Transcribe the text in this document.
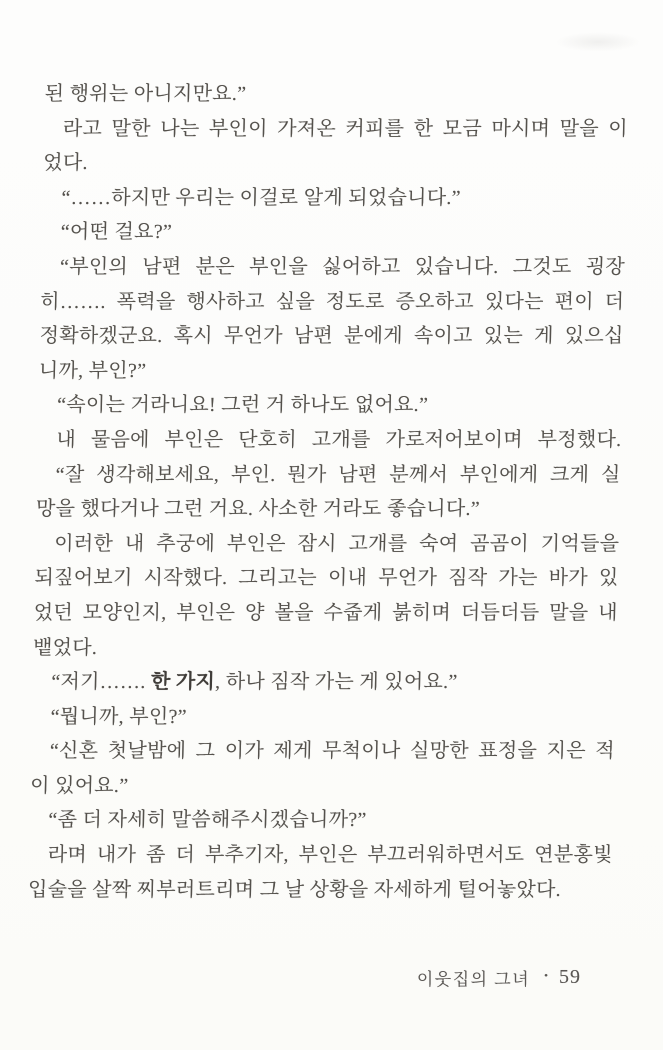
된 행위는 아니지만요.”
라고 말한 나는 부인이 가져온 커피를 한 모금 마시며 말을 이
었다.
“……하지만 우리는 이걸로 알게 되었습니다.”
“어떤 걸요?”
“부인의 남편 분은 부인을 싫어하고 있습니다. 그것도 굉장
히……. 폭력을 행사하고 싶을 정도로 증오하고 있다는 편이 더
정확하겠군요. 혹시 무언가 남편 분에게 속이고 있는 게 있으십
니까, 부인?”
“속이는 거라니요! 그런 거 하나도 없어요.”
내 물음에 부인은 단호히 고개를 가로저어보이며 부정했다.
“잘 생각해보세요, 부인. 뭔가 남편 분께서 부인에게 크게 실
망을 했다거나 그런 거요. 사소한 거라도 좋습니다.”
이러한 내 추궁에 부인은 잠시 고개를 숙여 곰곰이 기억들을
되짚어보기 시작했다. 그리고는 이내 무언가 짐작 가는 바가 있
었던 모양인지, 부인은 양 볼을 수줍게 붉히며 더듬더듬 말을 내
뱉었다.
“저기……. 한 가지, 하나 짐작 가는 게 있어요.”
“뭡니까, 부인?”
“신혼 첫날밤에 그 이가 제게 무척이나 실망한 표정을 지은 적
이 있어요.”
“좀 더 자세히 말씀해주시겠습니까?”
라며 내가 좀 더 부추기자, 부인은 부끄러워하면서도 연분홍빛
입술을 살짝 찌부러트리며 그 날 상황을 자세하게 털어놓았다.
이웃집의 그녀 • 59
